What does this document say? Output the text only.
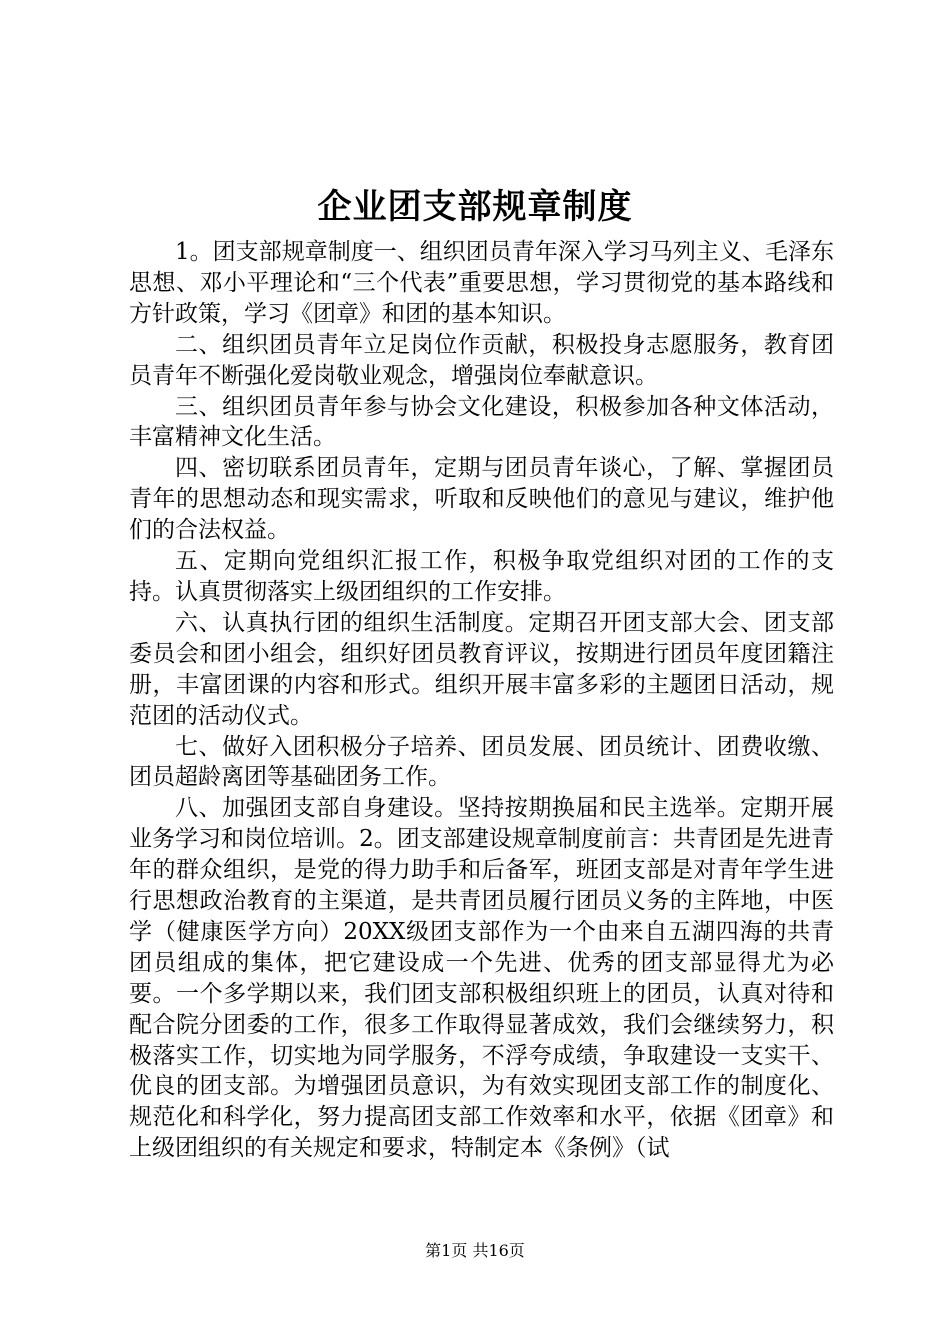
企业团支部规章制度

1。团支部规章制度一、组织团员青年深入学习马列主义、毛泽东思想、邓小平理论和“三个代表”重要思想，学习贯彻党的基本路线和方针政策，学习《团章》和团的基本知识。

二、组织团员青年立足岗位作贡献，积极投身志愿服务，教育团员青年不断强化爱岗敬业观念，增强岗位奉献意识。

三、组织团员青年参与协会文化建设，积极参加各种文体活动，丰富精神文化生活。

四、密切联系团员青年，定期与团员青年谈心，了解、掌握团员青年的思想动态和现实需求，听取和反映他们的意见与建议，维护他们的合法权益。

五、定期向党组织汇报工作，积极争取党组织对团的工作的支持。认真贯彻落实上级团组织的工作安排。

六、认真执行团的组织生活制度。定期召开团支部大会、团支部委员会和团小组会，组织好团员教育评议，按期进行团员年度团籍注册，丰富团课的内容和形式。组织开展丰富多彩的主题团日活动，规范团的活动仪式。

七、做好入团积极分子培养、团员发展、团员统计、团费收缴、团员超龄离团等基础团务工作。

八、加强团支部自身建设。坚持按期换届和民主选举。定期开展业务学习和岗位培训。2。团支部建设规章制度前言：共青团是先进青年的群众组织，是党的得力助手和后备军，班团支部是对青年学生进行思想政治教育的主渠道，是共青团员履行团员义务的主阵地，中医学（健康医学方向）20XX级团支部作为一个由来自五湖四海的共青团员组成的集体，把它建设成一个先进、优秀的团支部显得尤为必要。一个多学期以来，我们团支部积极组织班上的团员，认真对待和配合院分团委的工作，很多工作取得显著成效，我们会继续努力，积极落实工作，切实地为同学服务，不浮夸成绩，争取建设一支实干、优良的团支部。为增强团员意识，为有效实现团支部工作的制度化、规范化和科学化，努力提高团支部工作效率和水平，依据《团章》和上级团组织的有关规定和要求，特制定本《条例》（试

第1页 共16页
